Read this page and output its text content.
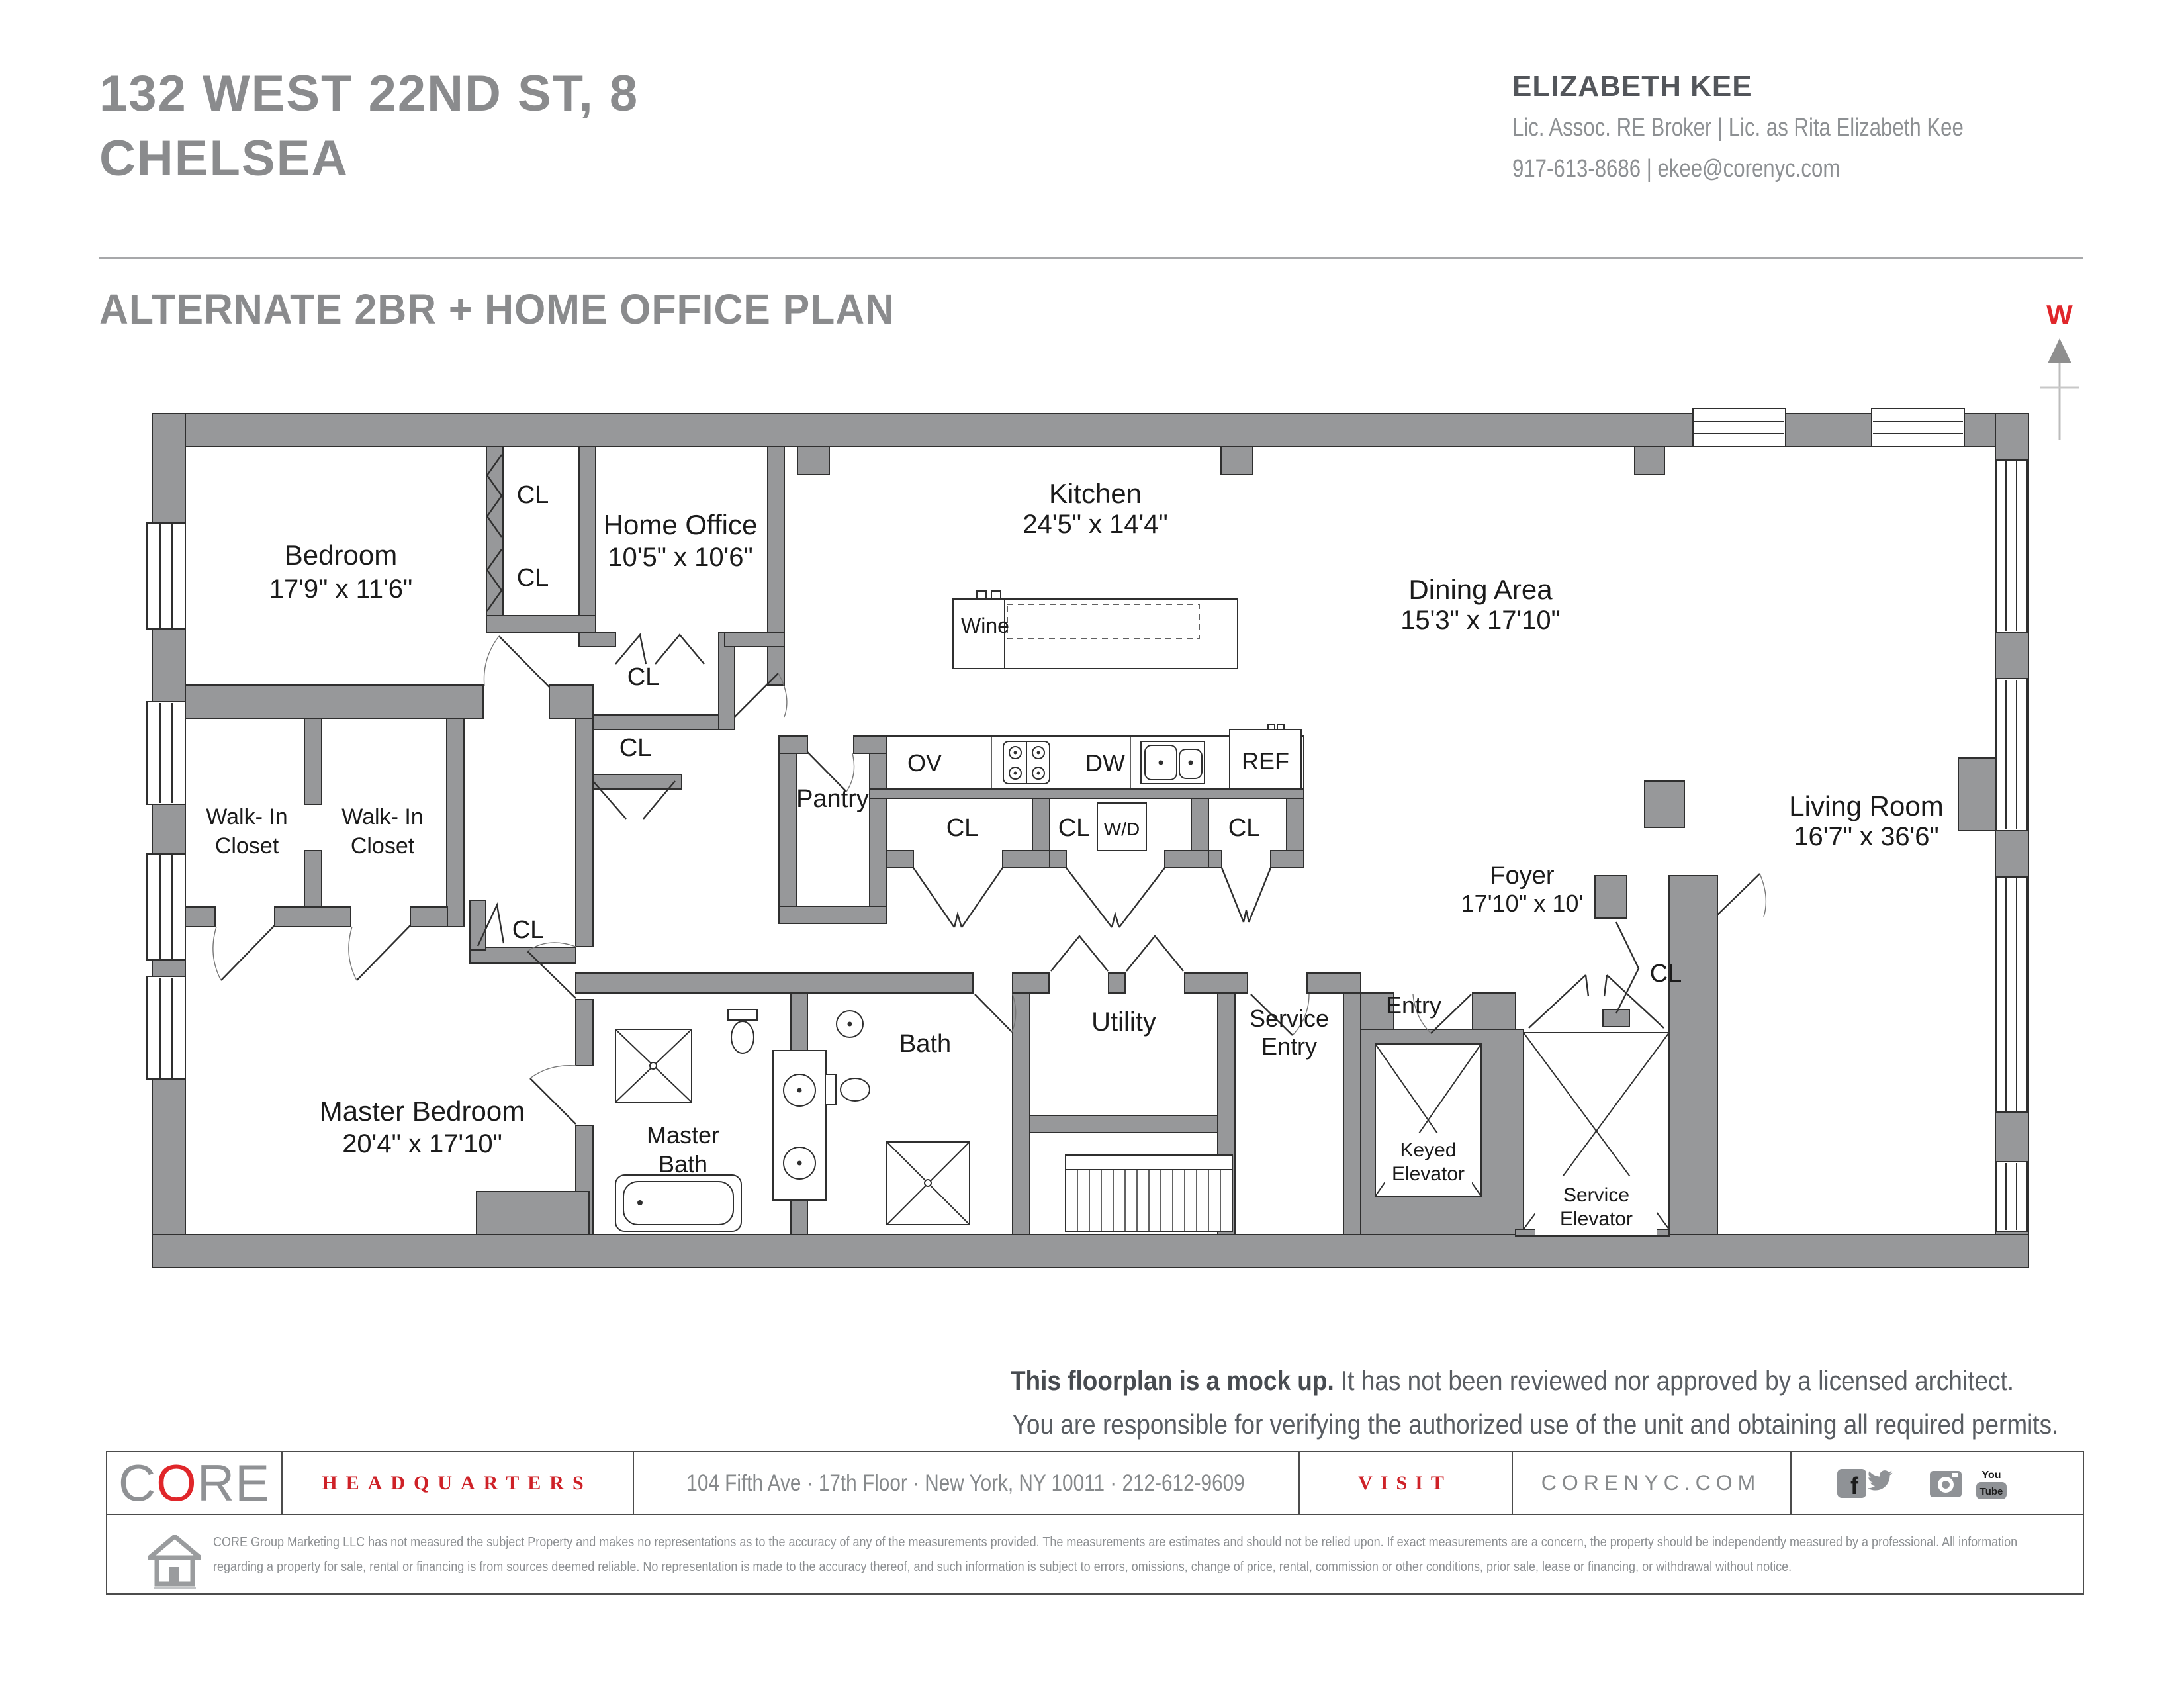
132 WEST 22ND ST, 8
CHELSEA
ELIZABETH KEE
Lic. Assoc. RE Broker | Lic. as Rita Elizabeth Kee
917-613-8686 | ekee@corenyc.com
ALTERNATE 2BR + HOME OFFICE PLAN	W
Bedroom
17'9" x 11'6"
Home Office
10'5" x 10'6"
Kitchen
24'5" x 14'4"
Dining Area
15'3" x 17'10"
Living Room
16'7" x 36'6"
Master Bedroom
20'4" x 17'10"
Foyer
17'10" x 10'
Walk- In
Closet
Walk- In
Closet
Master
Bath
Bath
Utility	Service
Entry
Entry
Pantry
Keyed
Elevator
Service
Elevator
CL
CL
CL
CL
CL
CL
CL	CL	CL
W/D
OV	DW	REF
Wine
This floorplan is a mock up. It has not been reviewed nor approved by a licensed architect.
You are responsible for verifying the authorized use of the unit and obtaining all required permits.
C O RE	HEADQUARTERS	104 Fifth Ave · 17th Floor · New York, NY 10011 · 212-612-9609	VISIT	CORENYC.COM	f	You
Tube
CORE Group Marketing LLC has not measured the subject Property and makes no representations as to the accuracy of any of the measurements provided. The measurements are estimates and should not be relied upon. If exact measurements are a concern, the property should be independently measured by a professional. All information
regarding a property for sale, rental or financing is from sources deemed reliable. No representation is made to the accuracy thereof, and such information is subject to errors, omissions, change of price, rental, commission or other conditions, prior sale, lease or financing, or withdrawal without notice.
